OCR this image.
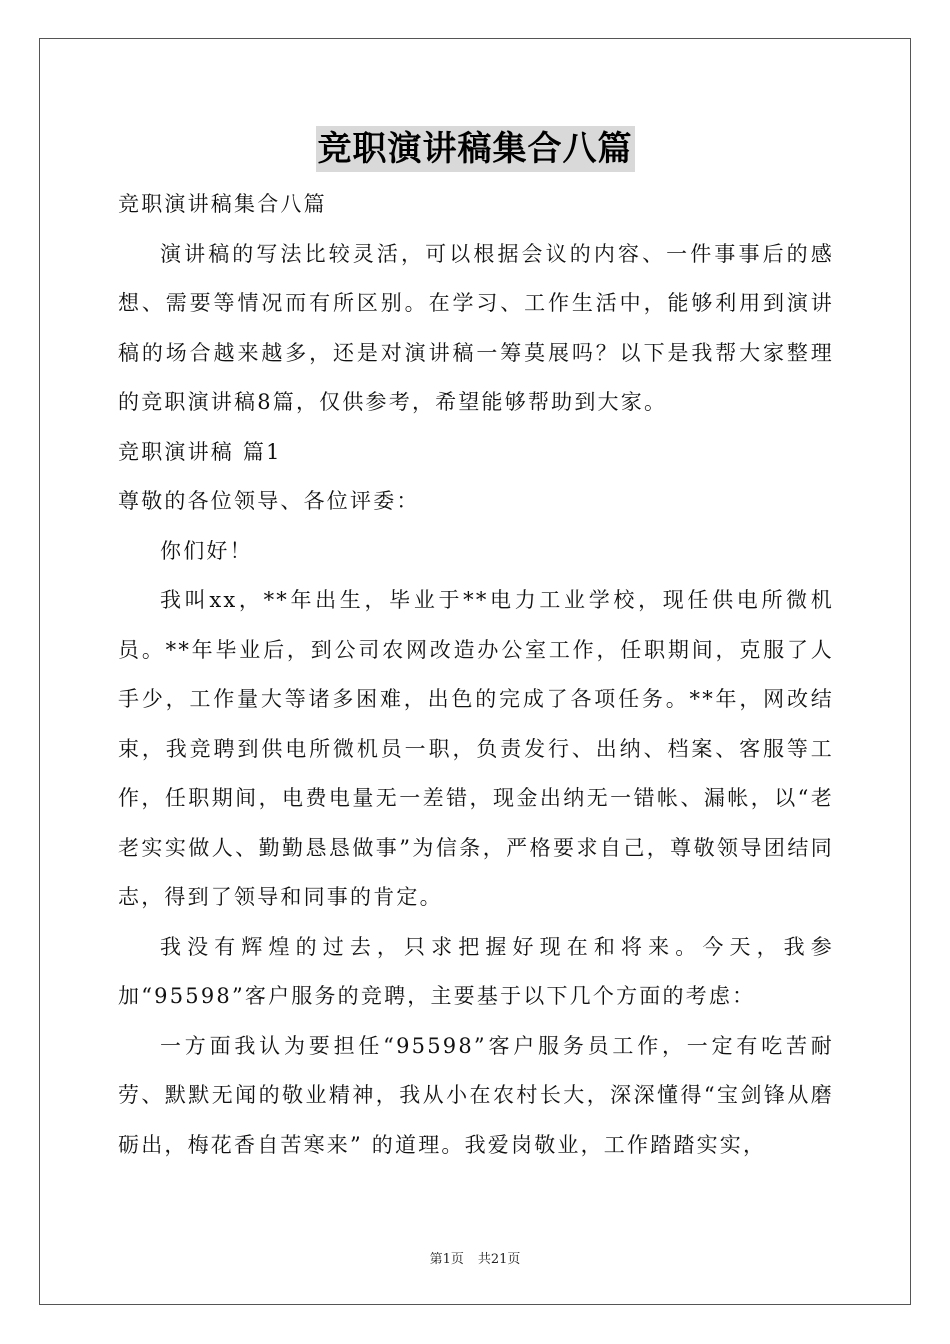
竞职演讲稿集合八篇

竞职演讲稿集合八篇

演讲稿的写法比较灵活，可以根据会议的内容、一件事事后的感想、需要等情况而有所区别。在学习、工作生活中，能够利用到演讲稿的场合越来越多，还是对演讲稿一筹莫展吗？以下是我帮大家整理的竞职演讲稿8篇，仅供参考，希望能够帮助到大家。

竞职演讲稿 篇1

尊敬的各位领导、各位评委：

你们好！

我叫xx，**年出生，毕业于**电力工业学校，现任供电所微机员。**年毕业后，到公司农网改造办公室工作，任职期间，克服了人手少，工作量大等诸多困难，出色的完成了各项任务。**年，网改结束，我竞聘到供电所微机员一职，负责发行、出纳、档案、客服等工作，任职期间，电费电量无一差错，现金出纳无一错帐、漏帐，以“老老实实做人、勤勤恳恳做事”为信条，严格要求自己，尊敬领导团结同志，得到了领导和同事的肯定。

我没有辉煌的过去，只求把握好现在和将来。今天，我参加“95598”客户服务的竞聘，主要基于以下几个方面的考虑：

一方面我认为要担任“95598”客户服务员工作，一定有吃苦耐劳、默默无闻的敬业精神，我从小在农村长大，深深懂得“宝剑锋从磨砺出，梅花香自苦寒来” 的道理。我爱岗敬业，工作踏踏实实，

第1页 共21页
